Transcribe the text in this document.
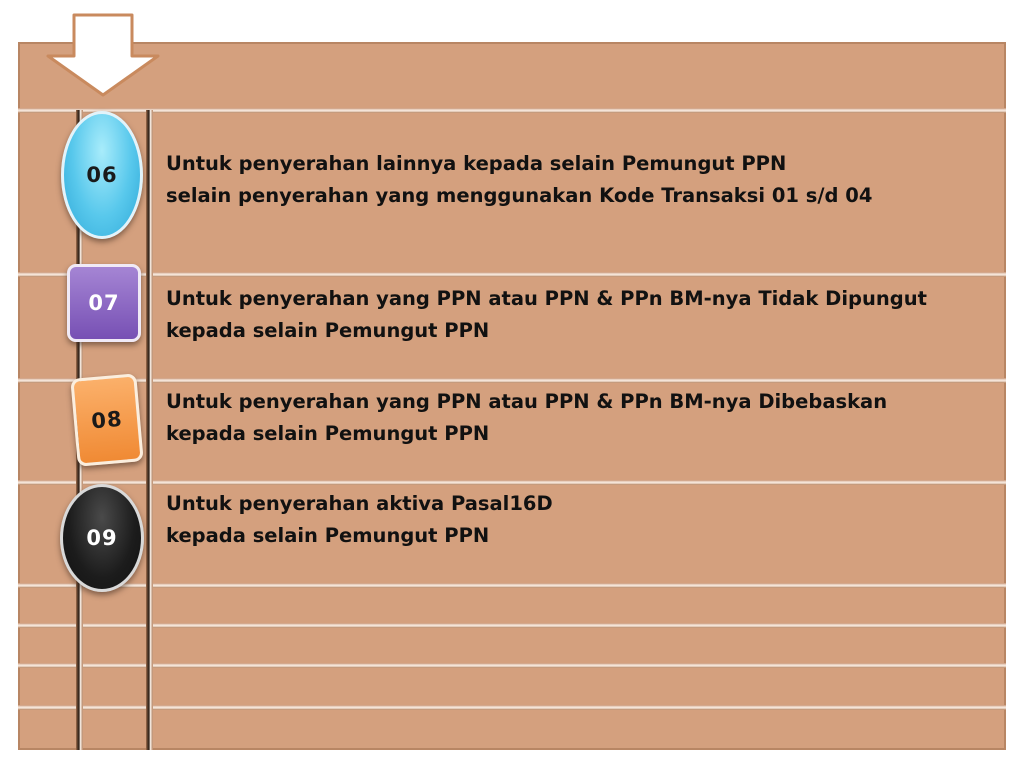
06
07
08
09
Untuk penyerahan lainnya kepada selain Pemungut PPN
selain penyerahan yang menggunakan Kode Transaksi 01 s/d 04
Untuk penyerahan yang PPN atau PPN & PPn BM-nya Tidak Dipungut
kepada selain Pemungut PPN
Untuk penyerahan yang PPN atau PPN & PPn BM-nya Dibebaskan
kepada selain Pemungut PPN
Untuk penyerahan aktiva Pasal16D
kepada selain Pemungut PPN
